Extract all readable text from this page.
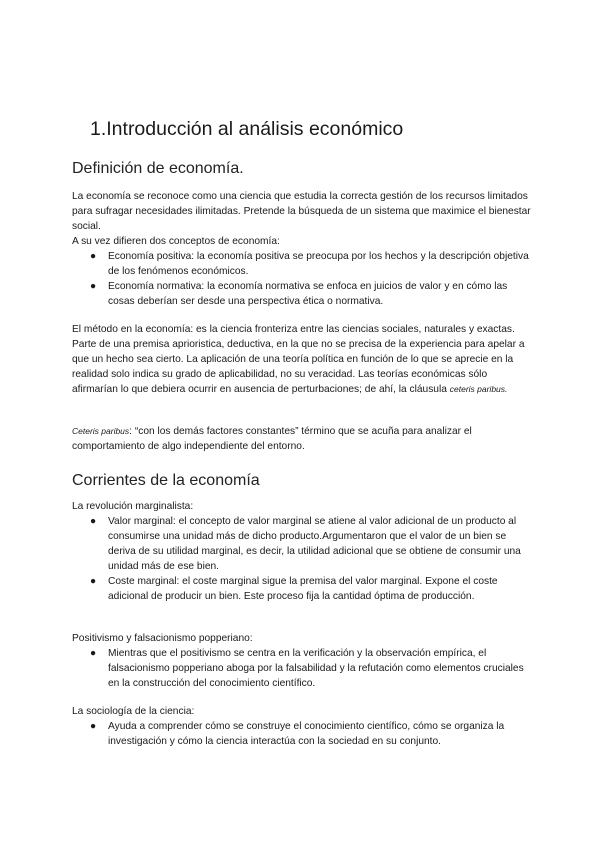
1.Introducción al análisis económico
Definición de economía.

La economía se reconoce como una ciencia que estudia la correcta gestión de los recursos limitados para sufragar necesidades ilimitadas. Pretende la búsqueda de un sistema que maximice el bienestar social.

A su vez difieren dos conceptos de economía:

● Economía positiva: la economía positiva se preocupa por los hechos y la descripción objetiva de los fenómenos económicos.
● Economía normativa: la economía normativa se enfoca en juicios de valor y en cómo las cosas deberían ser desde una perspectiva ética o normativa.

El método en la economía: es la ciencia fronteriza entre las ciencias sociales, naturales y exactas. Parte de una premisa aprioristica, deductiva, en la que no se precisa de la experiencia para apelar a que un hecho sea cierto. La aplicación de una teoría política en función de lo que se aprecie en la realidad solo indica su grado de aplicabilidad, no su veracidad. Las teorías económicas sólo afirmarían lo que debiera ocurrir en ausencia de perturbaciones; de ahí, la cláusula ceteris paribus.

Ceteris paribus: “con los demás factores constantes” término que se acuña para analizar el comportamiento de algo independiente del entorno.

Corrientes de la economía

La revolución marginalista:

● Valor marginal: el concepto de valor marginal se atiene al valor adicional de un producto al consumirse una unidad más de dicho producto.Argumentaron que el valor de un bien se deriva de su utilidad marginal, es decir, la utilidad adicional que se obtiene de consumir una unidad más de ese bien.
● Coste marginal: el coste marginal sigue la premisa del valor marginal. Expone el coste adicional de producir un bien. Este proceso fija la cantidad óptima de producción.

Positivismo y falsacionismo popperiano:

● Mientras que el positivismo se centra en la verificación y la observación empírica, el falsacionismo popperiano aboga por la falsabilidad y la refutación como elementos cruciales en la construcción del conocimiento científico.

La sociología de la ciencia:

● Ayuda a comprender cómo se construye el conocimiento científico, cómo se organiza la investigación y cómo la ciencia interactúa con la sociedad en su conjunto.
